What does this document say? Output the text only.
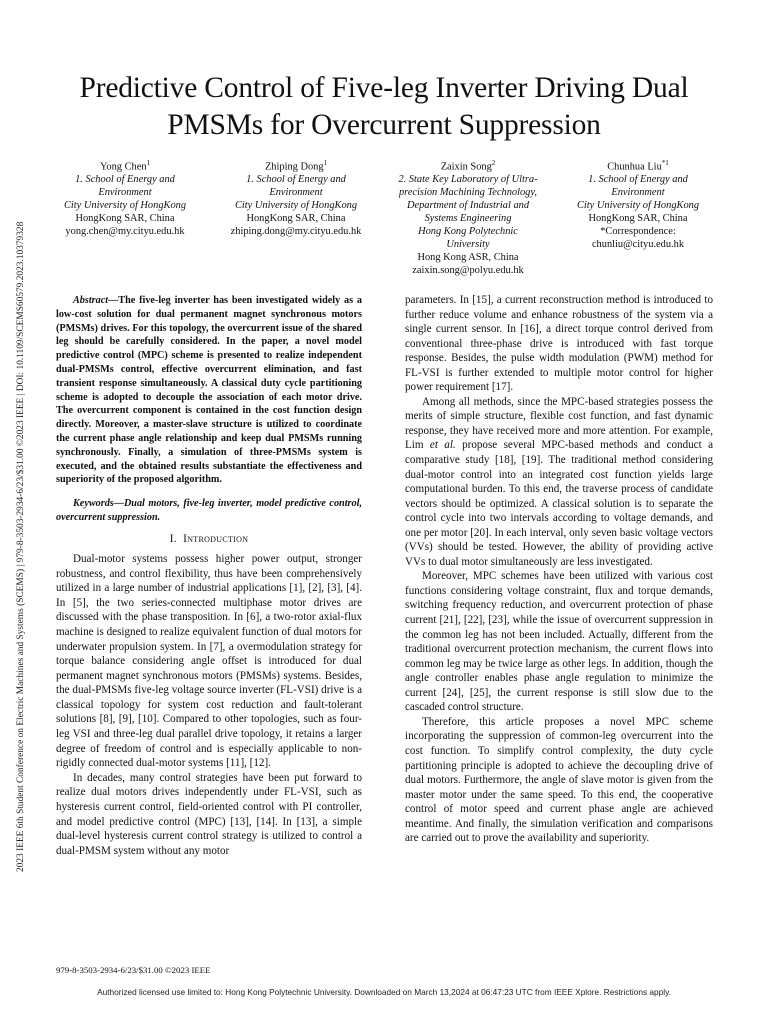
2023 IEEE 6th Student Conference on Electric Machines and Systems (SCEMS) | 979-8-3503-2934-6/23/$31.00 ©2023 IEEE | DOI: 10.1109/SCEMS60579.2023.10379328
Predictive Control of Five-leg Inverter Driving Dual
PMSMs for Overcurrent Suppression
Yong Chen$^1$
1. School of Energy and
Environment
City University of HongKong
HongKong SAR, China
yong.chen@my.cityu.edu.hk
Zhiping Dong$^1$
1. School of Energy and
Environment
City University of HongKong
HongKong SAR, China
zhiping.dong@my.cityu.edu.hk
Zaixin Song$^2$
2. State Key Laboratory of Ultra-
precision Machining Technology,
Department of Industrial and
Systems Engineering
Hong Kong Polytechnic
University
Hong Kong ASR, China
zaixin.song@polyu.edu.hk
Chunhua Liu$^{*1}$
1. School of Energy and
Environment
City University of HongKong
HongKong SAR, China
*Correspondence:
chunliu@cityu.edu.hk

Abstract—The five-leg inverter has been investigated widely as a low-cost solution for dual permanent magnet synchronous motors (PMSMs) drives. For this topology, the overcurrent issue of the shared leg should be carefully considered. In the paper, a novel model predictive control (MPC) scheme is presented to realize independent dual-PMSMs control, effective overcurrent elimination, and fast transient response simultaneously. A classical duty cycle partitioning scheme is adopted to decouple the association of each motor drive. The overcurrent component is contained in the cost function design directly. Moreover, a master-slave structure is utilized to coordinate the current phase angle relationship and keep dual PMSMs running synchronously. Finally, a simulation of three-PMSMs system is executed, and the obtained results substantiate the effectiveness and superiority of the proposed algorithm.

Keywords—Dual motors, five-leg inverter, model predictive control, overcurrent suppression.

I. Introduction

Dual-motor systems possess higher power output, stronger robustness, and control flexibility, thus have been comprehensively utilized in a large number of industrial applications [1], [2], [3], [4]. In [5], the two series-connected multiphase motor drives are discussed with the phase transposition. In [6], a two-rotor axial-flux machine is designed to realize equivalent function of dual motors for underwater propulsion system. In [7], a overmodulation strategy for torque balance considering angle offset is introduced for dual permanent magnet synchronous motors (PMSMs) systems. Besides, the dual-PMSMs five-leg voltage source inverter (FL-VSI) drive is a classical topology for system cost reduction and fault-tolerant solutions [8], [9], [10]. Compared to other topologies, such as four-leg VSI and three-leg dual parallel drive topology, it retains a larger degree of freedom of control and is especially applicable to non-rigidly connected dual-motor systems [11], [12].

In decades, many control strategies have been put forward to realize dual motors drives independently under FL-VSI, such as hysteresis current control, field-oriented control with PI controller, and model predictive control (MPC) [13], [14]. In [13], a simple dual-level hysteresis current control strategy is utilized to control a dual-PMSM system without any motor

parameters. In [15], a current reconstruction method is introduced to further reduce volume and enhance robustness of the system via a single current sensor. In [16], a direct torque control derived from conventional three-phase drive is introduced with fast torque response. Besides, the pulse width modulation (PWM) method for FL-VSI is further extended to multiple motor control for higher power requirement [17].

Among all methods, since the MPC-based strategies possess the merits of simple structure, flexible cost function, and fast dynamic response, they have received more and more attention. For example, Lim et al. propose several MPC-based methods and conduct a comparative study [18], [19]. The traditional method considering dual-motor control into an integrated cost function yields large computational burden. To this end, the traverse process of candidate vectors should be optimized. A classical solution is to separate the control cycle into two intervals according to voltage demands, and one per motor [20]. In each interval, only seven basic voltage vectors (VVs) should be tested. However, the ability of providing active VVs to dual motor simultaneously are less investigated.

Moreover, MPC schemes have been utilized with various cost functions considering voltage constraint, flux and torque demands, switching frequency reduction, and overcurrent protection of phase current [21], [22], [23], while the issue of overcurrent suppression in the common leg has not been included. Actually, different from the traditional overcurrent protection mechanism, the current flows into common leg may be twice large as other legs. In addition, though the angle controller enables phase angle regulation to minimize the current [24], [25], the current response is still slow due to the cascaded control structure.

Therefore, this article proposes a novel MPC scheme incorporating the suppression of common-leg overcurrent into the cost function. To simplify control complexity, the duty cycle partitioning principle is adopted to achieve the decoupling drive of dual motors. Furthermore, the angle of slave motor is given from the master motor under the same speed. To this end, the cooperative control of motor speed and current phase angle are achieved meantime. And finally, the simulation verification and comparisons are carried out to prove the availability and superiority.

979-8-3503-2934-6/23/$31.00 ©2023 IEEE
Authorized licensed use limited to: Hong Kong Polytechnic University. Downloaded on March 13,2024 at 06:47:23 UTC from IEEE Xplore. Restrictions apply.
